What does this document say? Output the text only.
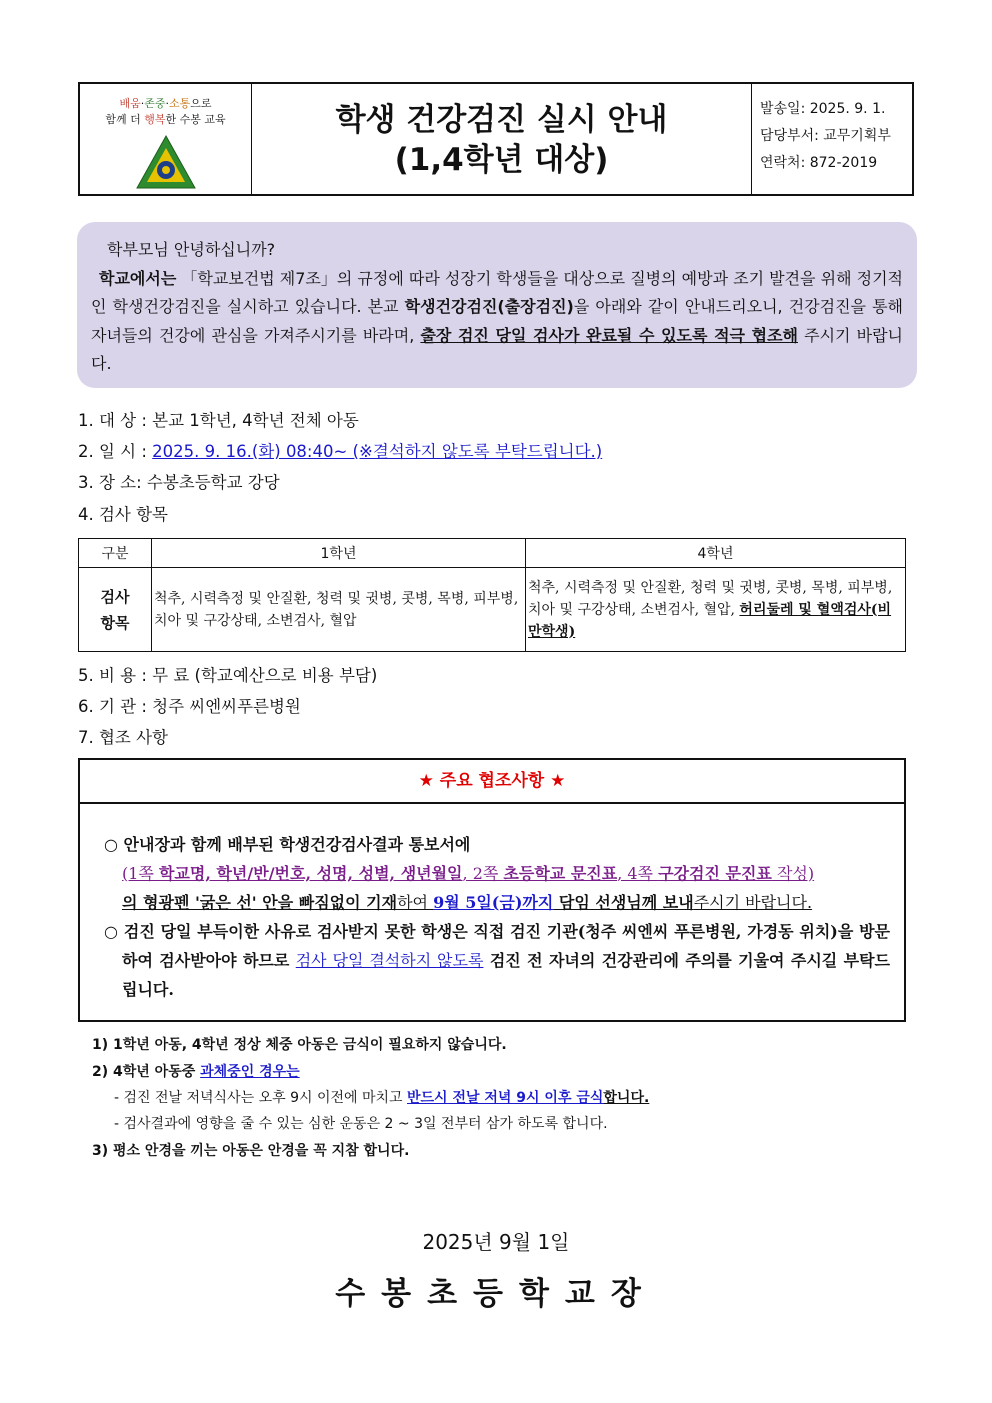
배움·존중·소통으로
함께 더 행복한 수봉 교육	학생 건강검진 실시 안내
(1,4학년 대상)
발송일: 2025. 9. 1.
담당부서: 교무기획부
연락처: 872-2019
학부모님 안녕하십니까?
학교에서는 「학교보건법 제7조」의 규정에 따라 성장기 학생들을 대상으로 질병의 예방과 조기 발견을 위해 정기적인 학생건강검진을 실시하고 있습니다. 본교 학생건강검진(출장검진)을 아래와 같이 안내드리오니, 건강검진을 통해 자녀들의 건강에 관심을 가져주시기를 바라며, 출장 검진 당일 검사가 완료될 수 있도록 적극 협조해 주시기 바랍니다.
1. 대 상 : 본교 1학년, 4학년 전체 아동
2. 일 시 : 2025. 9. 16.(화) 08:40~ (※결석하지 않도록 부탁드립니다.)
3. 장 소: 수봉초등학교 강당
4. 검사 항목
구분	1학년	4학년
검사
항목	척추, 시력측정 및 안질환, 청력 및 귓병, 콧병, 목병, 피부병, 치아 및 구강상태, 소변검사, 혈압	척추, 시력측정 및 안질환, 청력 및 귓병, 콧병, 목병, 피부병, 치아 및 구강상태, 소변검사, 혈압, 허리둘레 및 혈액검사(비만학생)
5. 비 용 : 무 료 (학교예산으로 비용 부담)
6. 기 관 : 청주 씨엔씨푸른병원
7. 협조 사항
★ 주요 협조사항 ★
○ 안내장과 함께 배부된 학생건강검사결과 통보서에
(1쪽 학교명, 학년/반/번호, 성명, 성별, 생년월일, 2쪽 초등학교 문진표, 4쪽 구강검진 문진표 작성)
의 형광펜 '굵은 선' 안을 빠짐없이 기재하여 9월 5일(금)까지 담임 선생님께 보내주시기 바랍니다.
○ 검진 당일 부득이한 사유로 검사받지 못한 학생은 직접 검진 기관(청주 씨엔씨 푸른병원, 가경동 위치)을 방문하여 검사받아야 하므로 검사 당일 결석하지 않도록 검진 전 자녀의 건강관리에 주의를 기울여 주시길 부탁드립니다.
1) 1학년 아동, 4학년 정상 체중 아동은 금식이 필요하지 않습니다.
2) 4학년 아동중 과체중인 경우는
- 검진 전날 저녁식사는 오후 9시 이전에 마치고 반드시 전날 저녁 9시 이후 금식합니다.
- 검사결과에 영향을 줄 수 있는 심한 운동은 2 ~ 3일 전부터 삼가 하도록 합니다.
3) 평소 안경을 끼는 아동은 안경을 꼭 지참 합니다.
2025년 9월 1일
수봉초등학교장
